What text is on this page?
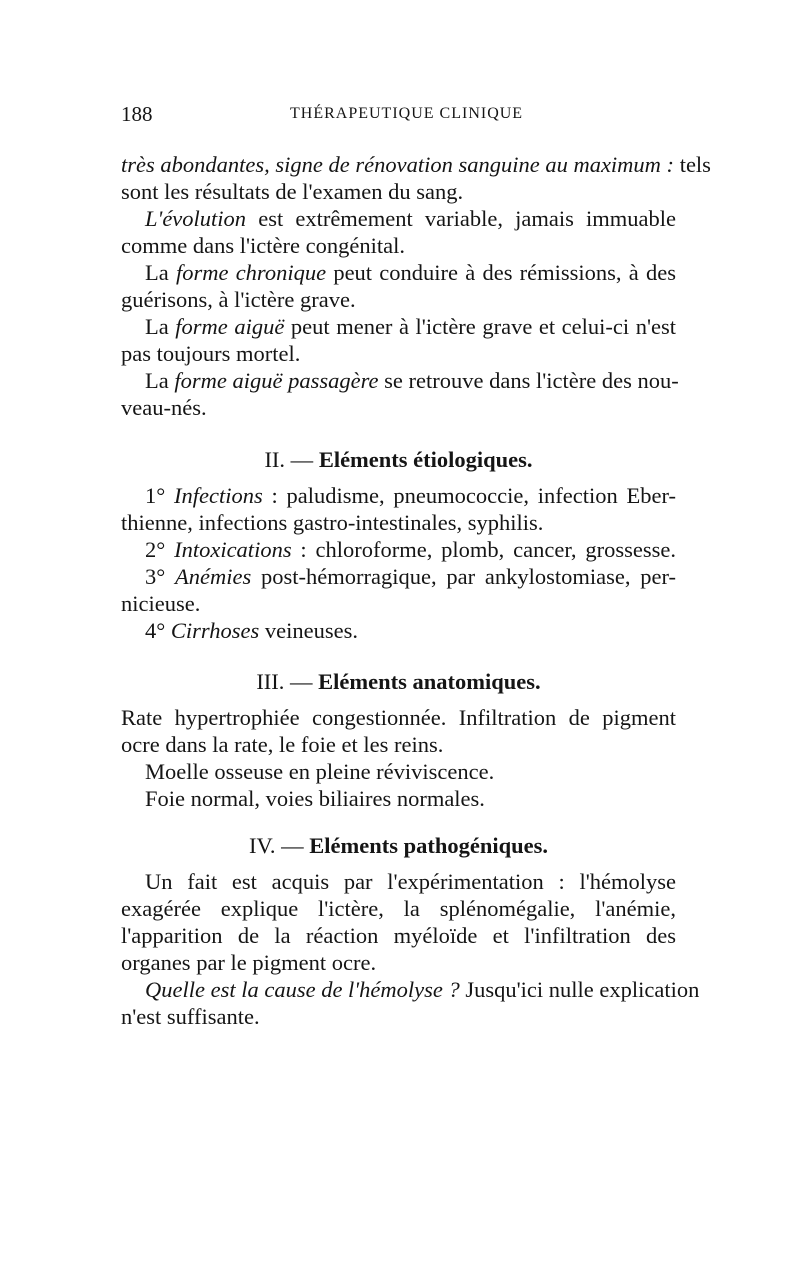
188	THÉRAPEUTIQUE CLINIQUE
très abondantes, signe de rénovation sanguine au maximum : tels
sont les résultats de l'examen du sang.
L'évolution est extrêmement variable, jamais immuable
comme dans l'ictère congénital.
La forme chronique peut conduire à des rémissions, à des
guérisons, à l'ictère grave.
La forme aiguë peut mener à l'ictère grave et celui-ci n'est
pas toujours mortel.
La forme aiguë passagère se retrouve dans l'ictère des nou-
veau-nés.
II. — Eléments étiologiques.
1° Infections : paludisme, pneumococcie, infection Eber-
thienne, infections gastro-intestinales, syphilis.
2° Intoxications : chloroforme, plomb, cancer, grossesse.
3° Anémies post-hémorragique, par ankylostomiase, per-
nicieuse.
4° Cirrhoses veineuses.
III. — Eléments anatomiques.
Rate hypertrophiée congestionnée. Infiltration de pigment
ocre dans la rate, le foie et les reins.
Moelle osseuse en pleine réviviscence.
Foie normal, voies biliaires normales.
IV. — Eléments pathogéniques.
Un fait est acquis par l'expérimentation : l'hémolyse
exagérée explique l'ictère, la splénomégalie, l'anémie,
l'apparition de la réaction myéloïde et l'infiltration des
organes par le pigment ocre.
Quelle est la cause de l'hémolyse ? Jusqu'ici nulle explication
n'est suffisante.
